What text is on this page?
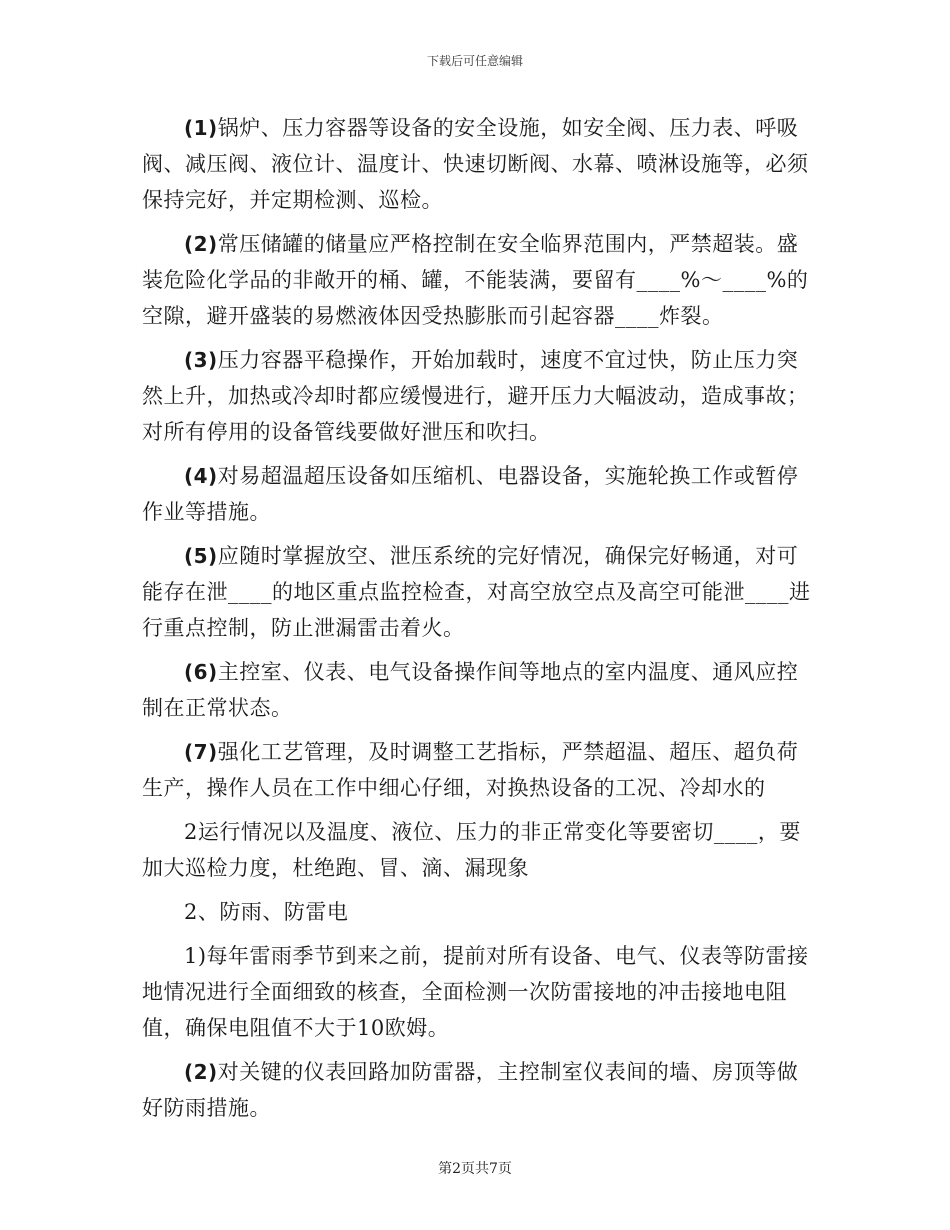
下载后可任意编辑

(1)锅炉、压力容器等设备的安全设施，如安全阀、压力表、呼吸阀、减压阀、液位计、温度计、快速切断阀、水幕、喷淋设施等，必须保持完好，并定期检测、巡检。

(2)常压储罐的储量应严格控制在安全临界范围内，严禁超装。盛装危险化学品的非敞开的桶、罐，不能装满，要留有____%～____%的空隙，避开盛装的易燃液体因受热膨胀而引起容器____炸裂。

(3)压力容器平稳操作，开始加载时，速度不宜过快，防止压力突然上升，加热或冷却时都应缓慢进行，避开压力大幅波动，造成事故；对所有停用的设备管线要做好泄压和吹扫。

(4)对易超温超压设备如压缩机、电器设备，实施轮换工作或暂停作业等措施。

(5)应随时掌握放空、泄压系统的完好情况，确保完好畅通，对可能存在泄____的地区重点监控检查，对高空放空点及高空可能泄____进行重点控制，防止泄漏雷击着火。

(6)主控室、仪表、电气设备操作间等地点的室内温度、通风应控制在正常状态。

(7)强化工艺管理，及时调整工艺指标，严禁超温、超压、超负荷生产，操作人员在工作中细心仔细，对换热设备的工况、冷却水的

2运行情况以及温度、液位、压力的非正常变化等要密切____，要加大巡检力度，杜绝跑、冒、滴、漏现象

2、防雨、防雷电

1)每年雷雨季节到来之前，提前对所有设备、电气、仪表等防雷接地情况进行全面细致的核查，全面检测一次防雷接地的冲击接地电阻值，确保电阻值不大于10欧姆。

(2)对关键的仪表回路加防雷器，主控制室仪表间的墙、房顶等做好防雨措施。

第2页共7页
